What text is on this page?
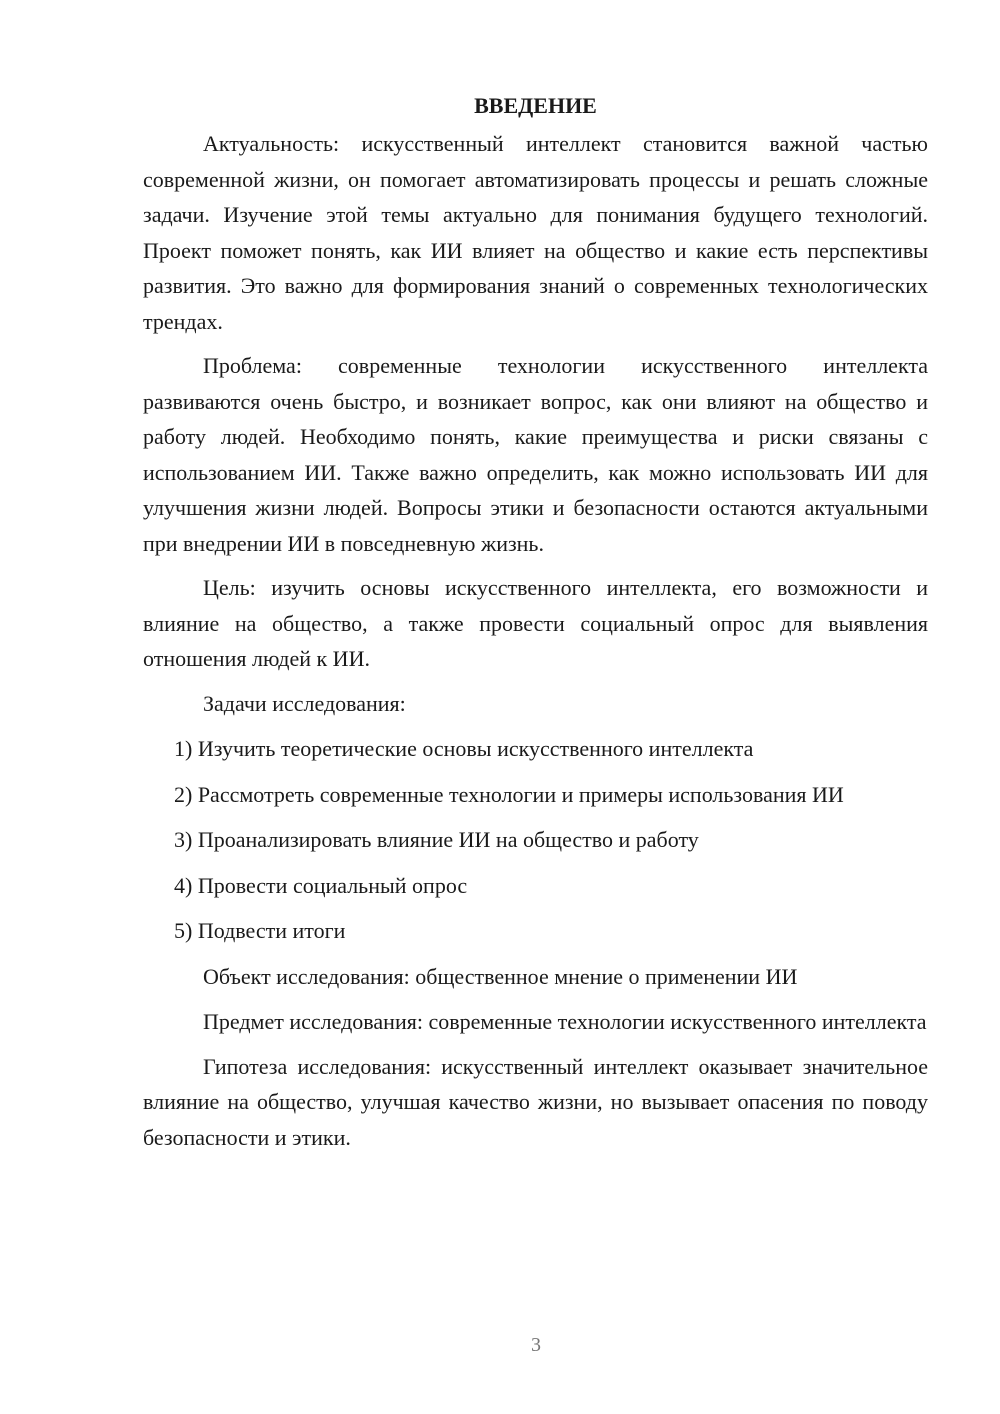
ВВЕДЕНИЕ

Актуальность: искусственный интеллект становится важной частью современной жизни, он помогает автоматизировать процессы и решать сложные задачи. Изучение этой темы актуально для понимания будущего технологий. Проект поможет понять, как ИИ влияет на общество и какие есть перспективы развития. Это важно для формирования знаний о современных технологических трендах.

Проблема: современные технологии искусственного интеллекта развиваются очень быстро, и возникает вопрос, как они влияют на общество и работу людей. Необходимо понять, какие преимущества и риски связаны с использованием ИИ. Также важно определить, как можно использовать ИИ для улучшения жизни людей. Вопросы этики и безопасности остаются актуальными при внедрении ИИ в повседневную жизнь.

Цель: изучить основы искусственного интеллекта, его возможности и влияние на общество, а также провести социальный опрос для выявления отношения людей к ИИ.

Задачи исследования:

1) Изучить теоретические основы искусственного интеллекта

2) Рассмотреть современные технологии и примеры использования ИИ

3) Проанализировать влияние ИИ на общество и работу

4) Провести социальный опрос

5) Подвести итоги

Объект исследования: общественное мнение о применении ИИ

Предмет исследования: современные технологии искусственного интеллекта

Гипотеза исследования: искусственный интеллект оказывает значительное влияние на общество, улучшая качество жизни, но вызывает опасения по поводу безопасности и этики.

3
